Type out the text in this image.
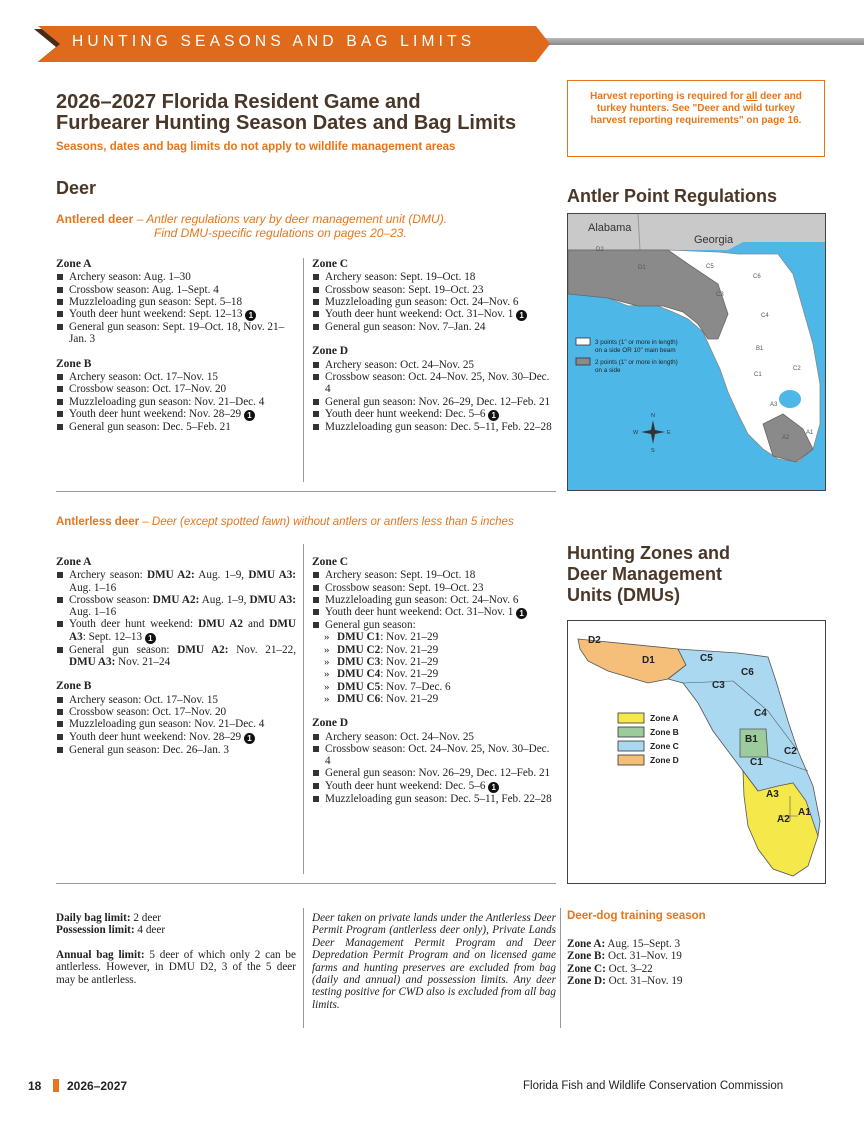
HUNTING SEASONS AND BAG LIMITS
2026–2027 Florida Resident Game and
Furbearer Hunting Season Dates and Bag Limits
Seasons, dates and bag limits do not apply to wildlife management areas
Harvest reporting is required for all deer and turkey hunters. See "Deer and wild turkey harvest reporting requirements" on page 16.
Deer
Antlered deer – Antler regulations vary by deer management unit (DMU).
Find DMU-specific regulations on pages 20–23.
Zone A
Archery season: Aug. 1–30
Crossbow season: Aug. 1–Sept. 4
Muzzleloading gun season: Sept. 5–18
Youth deer hunt weekend: Sept. 12–13 1
General gun season: Sept. 19–Oct. 18, Nov. 21–Jan. 3
Zone B
Archery season: Oct. 17–Nov. 15
Crossbow season: Oct. 17–Nov. 20
Muzzleloading gun season: Nov. 21–Dec. 4
Youth deer hunt weekend: Nov. 28–29 1
General gun season: Dec. 5–Feb. 21
Zone C
Archery season: Sept. 19–Oct. 18
Crossbow season: Sept. 19–Oct. 23
Muzzleloading gun season: Oct. 24–Nov. 6
Youth deer hunt weekend: Oct. 31–Nov. 1 1
General gun season: Nov. 7–Jan. 24
Zone D
Archery season: Oct. 24–Nov. 25
Crossbow season: Oct. 24–Nov. 25, Nov. 30–Dec. 4
General gun season: Nov. 26–29, Dec. 12–Feb. 21
Youth deer hunt weekend: Dec. 5–6 1
Muzzleloading gun season: Dec. 5–11, Feb. 22–28
Antlerless deer – Deer (except spotted fawn) without antlers or antlers less than 5 inches
Zone A
Archery season: DMU A2: Aug. 1–9, DMU A3: Aug. 1–16
Crossbow season: DMU A2: Aug. 1–9, DMU A3: Aug. 1–16
Youth deer hunt weekend: DMU A2 and DMU A3: Sept. 12–13 1
General gun season: DMU A2: Nov. 21–22, DMU A3: Nov. 21–24
Zone B
Archery season: Oct. 17–Nov. 15
Crossbow season: Oct. 17–Nov. 20
Muzzleloading gun season: Nov. 21–Dec. 4
Youth deer hunt weekend: Nov. 28–29 1
General gun season: Dec. 26–Jan. 3
Zone C
Archery season: Sept. 19–Oct. 18
Crossbow season: Sept. 19–Oct. 23
Muzzleloading gun season: Oct. 24–Nov. 6
Youth deer hunt weekend: Oct. 31–Nov. 1 1
General gun season:
» DMU C1: Nov. 21–29
» DMU C2: Nov. 21–29
» DMU C3: Nov. 21–29
» DMU C4: Nov. 21–29
» DMU C5: Nov. 7–Dec. 6
» DMU C6: Nov. 21–29
Zone D
Archery season: Oct. 24–Nov. 25
Crossbow season: Oct. 24–Nov. 25, Nov. 30–Dec. 4
General gun season: Nov. 26–29, Dec. 12–Feb. 21
Youth deer hunt weekend: Dec. 5–6 1
Muzzleloading gun season: Dec. 5–11, Feb. 22–28
Daily bag limit: 2 deer
Possession limit: 4 deer
Annual bag limit: 5 deer of which only 2 can be antlerless. However, in DMU D2, 3 of the 5 deer may be antlerless.
Deer taken on private lands under the Antlerless Deer Permit Program (antlerless deer only), Private Lands Deer Management Permit Program and Deer Depredation Permit Program and on licensed game farms and hunting preserves are excluded from bag (daily and annual) and possession limits. Any deer testing positive for CWD also is excluded from all bag limits.
Deer-dog training season
Zone A: Aug. 15–Sept. 3
Zone B: Oct. 31–Nov. 19
Zone C: Oct. 3–22
Zone D: Oct. 31–Nov. 19
Antler Point Regulations
Alabama
Georgia
D2
D1	C5
C6
C3
C4
B1
C2
C1
A3
A2
A1
3 points (1" or more in length)
on a side OR 10" main beam
2 points (1" or more in length)
on a side
N
S
E
W
Hunting Zones and
Deer Management
Units (DMUs)
D2
D1	C5
C6
C3
C4
B1
C2
C1
A3
A1
A2
Zone A
Zone B
Zone C
Zone D
18 2026–2027	Florida Fish and Wildlife Conservation Commission
